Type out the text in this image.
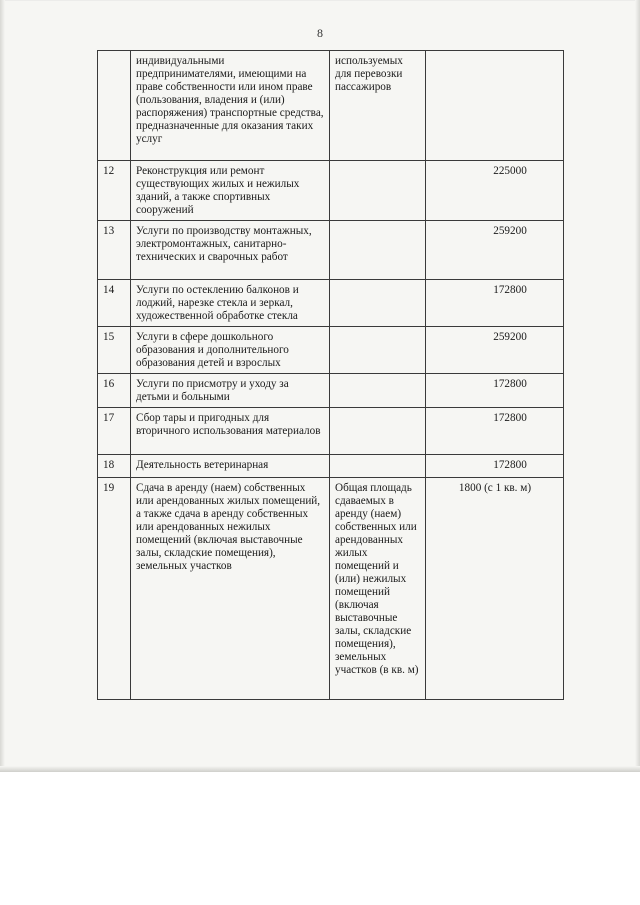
8
	индивидуальными предпринимателями, имеющими на праве собственности или ином праве (пользования, владения и (или) распоряжения) транспортные средства, предназначенные для оказания таких услуг	используемых для перевозки пассажиров	
12	Реконструкция или ремонт существующих жилых и нежилых зданий, а также спортивных сооружений		225000
13	Услуги по производству монтажных, электромонтажных, санитарно-технических и сварочных работ		259200
14	Услуги по остеклению балконов и лоджий, нарезке стекла и зеркал, художественной обработке стекла		172800
15	Услуги в сфере дошкольного образования и дополнительного образования детей и взрослых		259200
16	Услуги по присмотру и уходу за детьми и больными		172800
17	Сбор тары и пригодных для вторичного использования материалов		172800
18	Деятельность ветеринарная		172800
19	Сдача в аренду (наем) собственных или арендованных жилых помещений, а также сдача в аренду собственных или арендованных нежилых помещений (включая выставочные залы, складские помещения), земельных участков	Общая площадь сдаваемых в аренду (наем) собственных или арендованных жилых помещений и (или) нежилых помещений (включая выставочные залы, складские помещения), земельных участков (в кв. м)	1800 (с 1 кв. м)
